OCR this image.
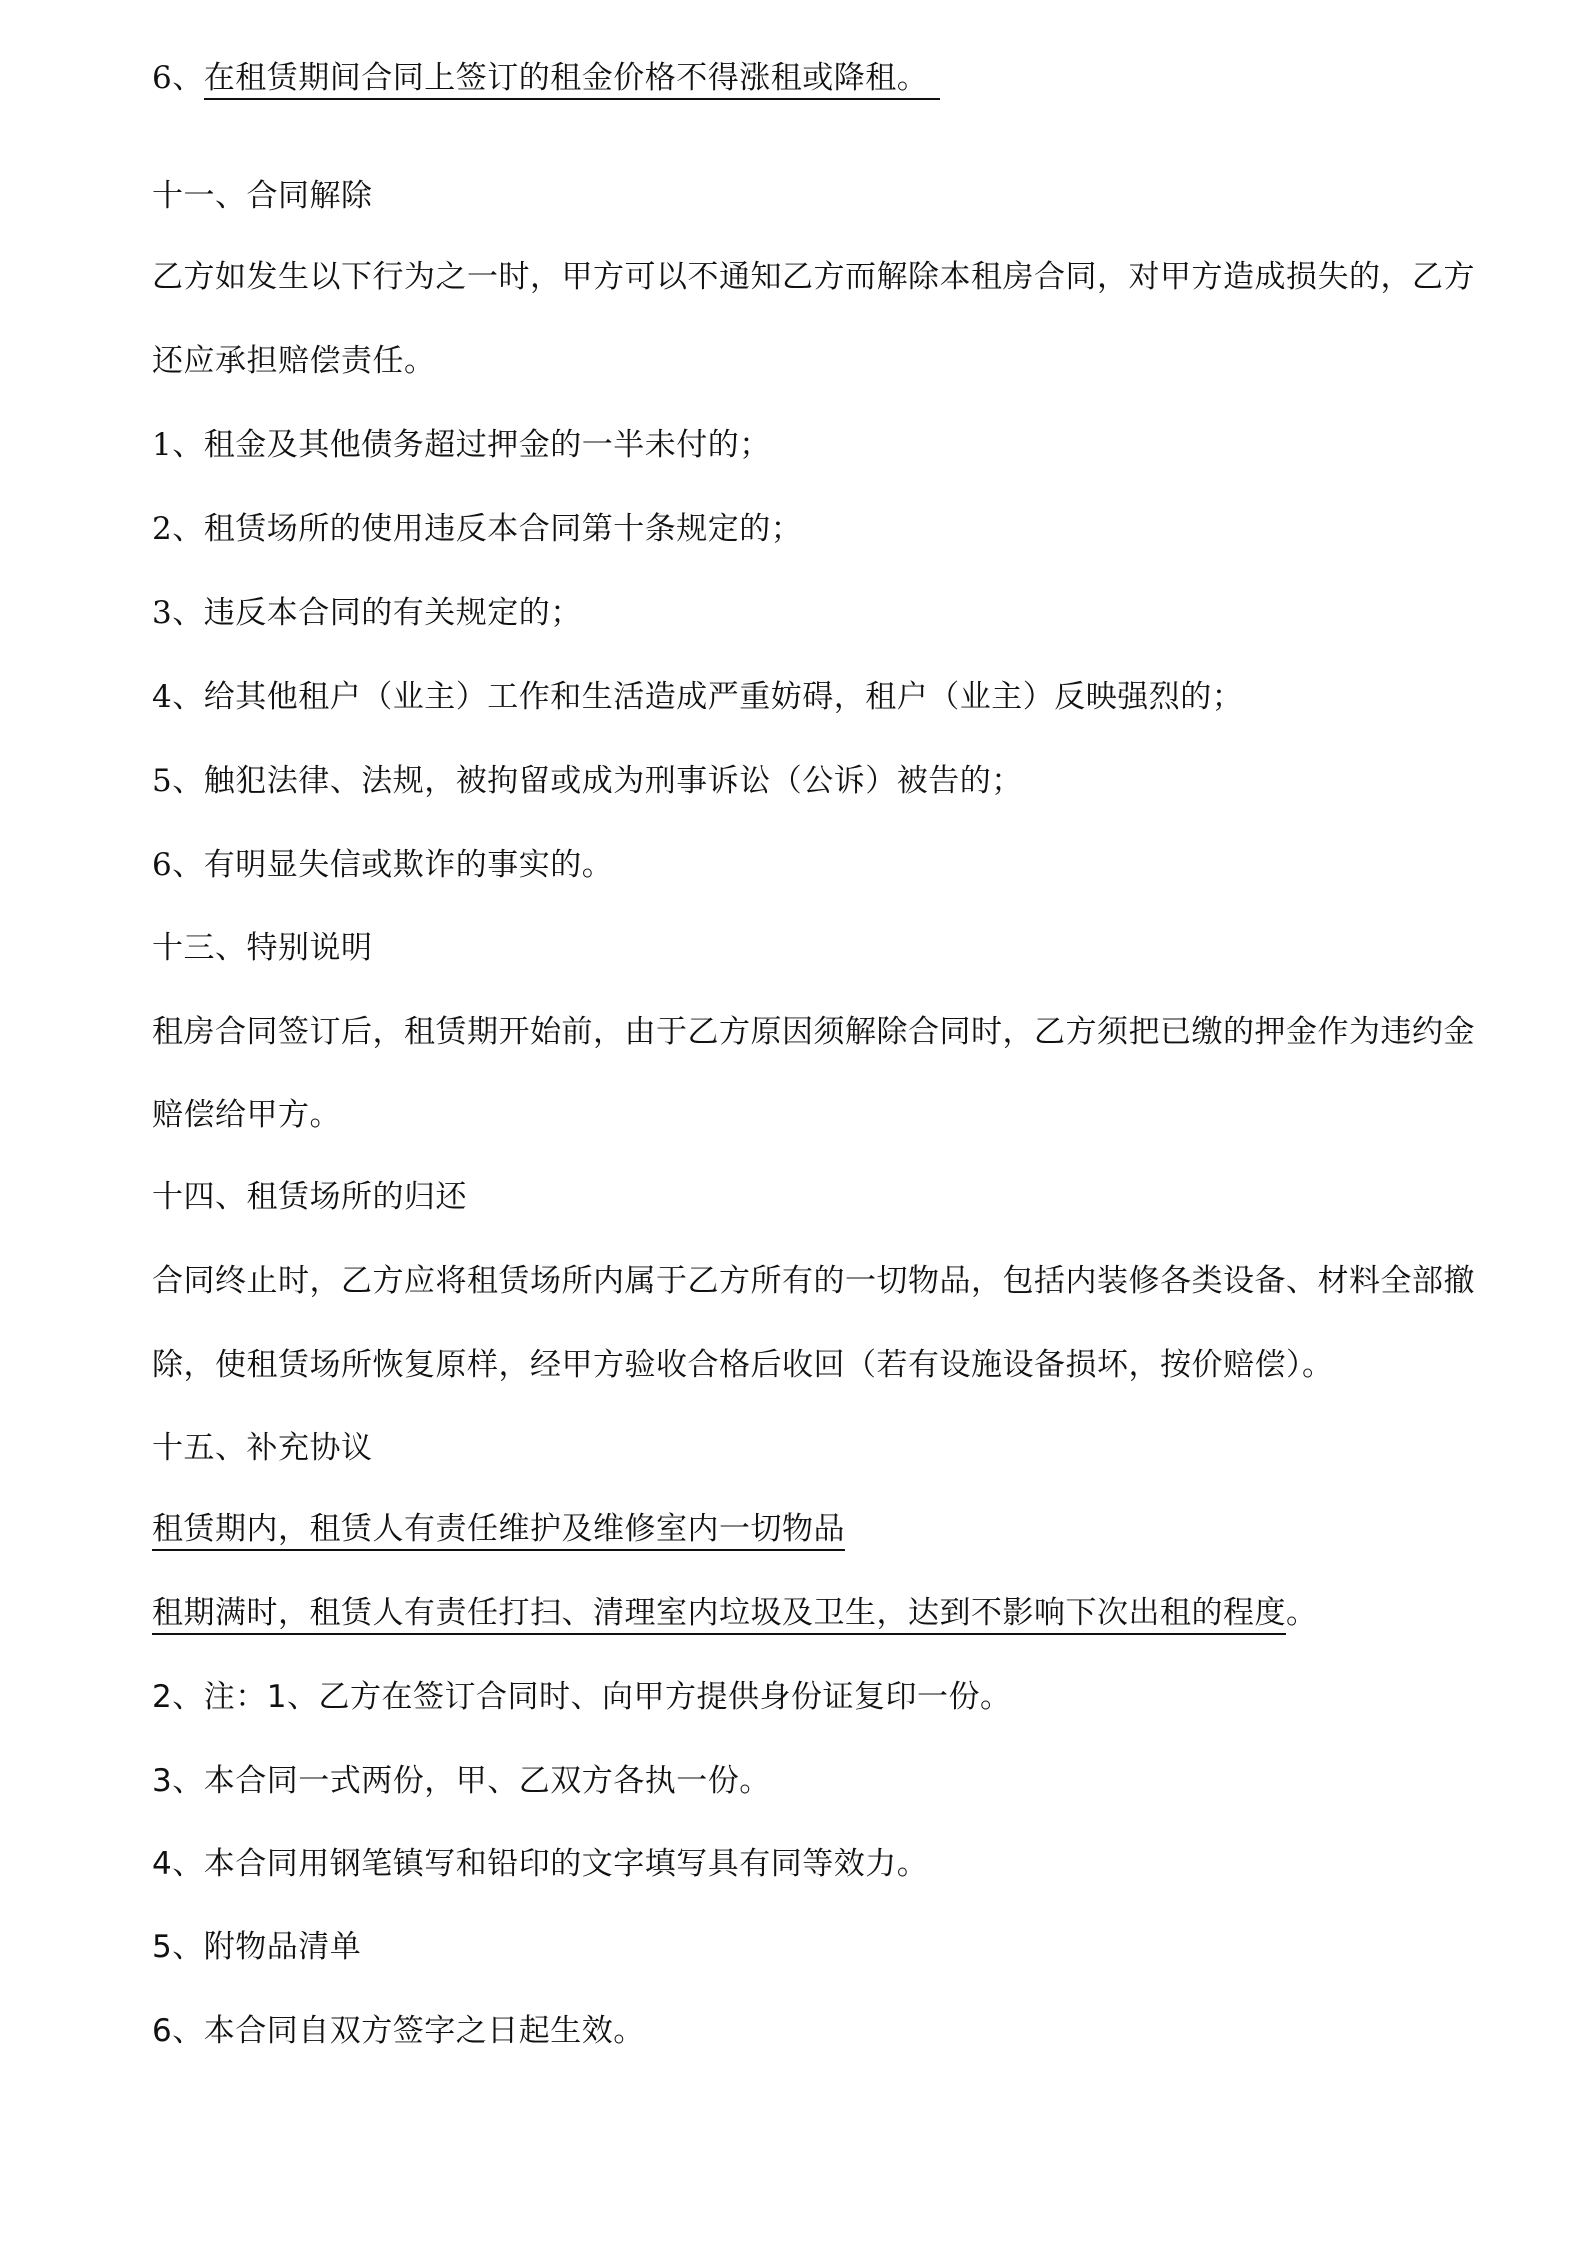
6、在租赁期间合同上签订的租金价格不得涨租或降租。
十一、合同解除
乙方如发生以下行为之一时，甲方可以不通知乙方而解除本租房合同，对甲方造成损失的，乙方
还应承担赔偿责任。
1、租金及其他债务超过押金的一半未付的；
2、租赁场所的使用违反本合同第十条规定的；
3、违反本合同的有关规定的；
4、给其他租户（业主）工作和生活造成严重妨碍，租户（业主）反映强烈的；
5、触犯法律、法规，被拘留或成为刑事诉讼（公诉）被告的；
6、有明显失信或欺诈的事实的。
十三、特别说明
租房合同签订后，租赁期开始前，由于乙方原因须解除合同时，乙方须把已缴的押金作为违约金
赔偿给甲方。
十四、租赁场所的归还
合同终止时，乙方应将租赁场所内属于乙方所有的一切物品，包括内装修各类设备、材料全部撤
除，使租赁场所恢复原样，经甲方验收合格后收回（若有设施设备损坏，按价赔偿）。
十五、补充协议
租赁期内，租赁人有责任维护及维修室内一切物品
租期满时，租赁人有责任打扫、清理室内垃圾及卫生，达到不影响下次出租的程度。
2、注：1、乙方在签订合同时、向甲方提供身份证复印一份。
3、本合同一式两份，甲、乙双方各执一份。
4、本合同用钢笔镇写和铅印的文字填写具有同等效力。
5、附物品清单
6、本合同自双方签字之日起生效。
